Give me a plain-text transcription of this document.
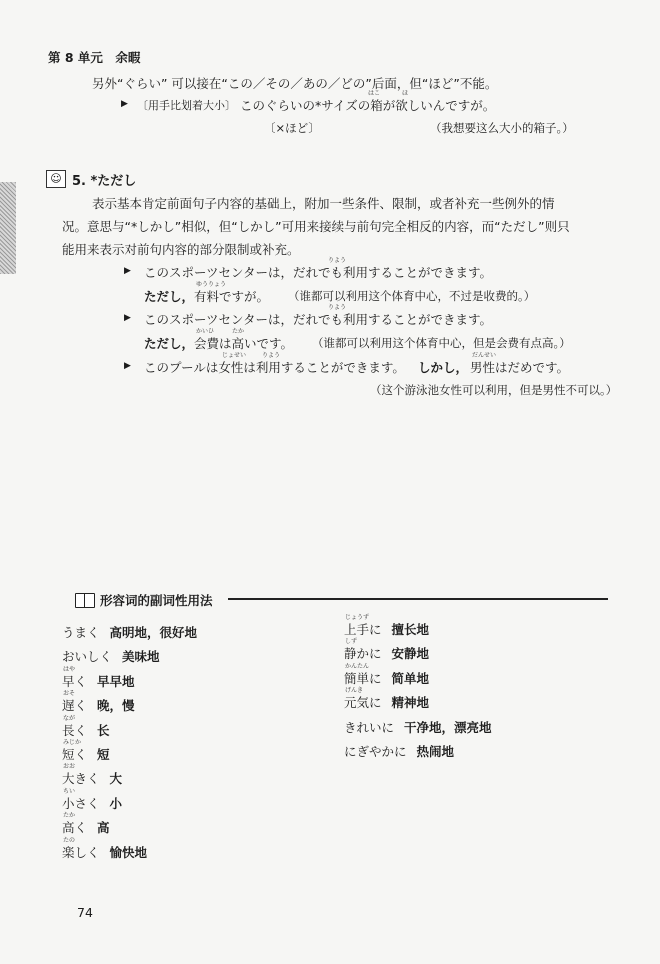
第 8 单元　余暇
另外“ぐらい” 可以接在“この／その／あの／どの”后面，但“ほど”不能。
▶ 〔用手比划着大小〕
はこ	ほ
このぐらいの*サイズの箱が欲しいんですが。
〔×ほど〕	（我想要这么大小的箱子。）
☺ 5. *ただし
表示基本肯定前面句子内容的基础上，附加一些条件、限制，或者补充一些例外的情
况。意思与“*しかし”相似，但“しかし”可用来接续与前句完全相反的内容，而“ただし”则只
能用来表示对前句内容的部分限制或补充。
▶
りよう
このスポーツセンターは，だれでも利用することができます。
ただし，
ゆうりょう
有料ですが。 （谁都可以利用这个体育中心，不过是收费的。）
▶
りよう
このスポーツセンターは，だれでも利用することができます。
ただし，
かいひ	たか
会費は高いです。 （谁都可以利用这个体育中心，但是会费有点高。）
▶
じょせい	りよう
このプールは女性は利用することができます。 しかし，
だんせい
男性はだめです。
（这个游泳池女性可以利用，但是男性不可以。）
形容词的副词性用法
うまく 高明地，很好地
おいしく 美味地
はや
早く 早早地
おそ
遅く 晚，慢
なが
長く 长
みじか
短く 短
おお
大きく 大
ちい
小さく 小
たか
高く 高
たの
楽しく 愉快地
じょうず
上手に 擅长地
しず
静かに 安静地
かんたん
簡単に 简单地
げんき
元気に 精神地
きれいに 干净地，漂亮地
にぎやかに 热闹地
74
